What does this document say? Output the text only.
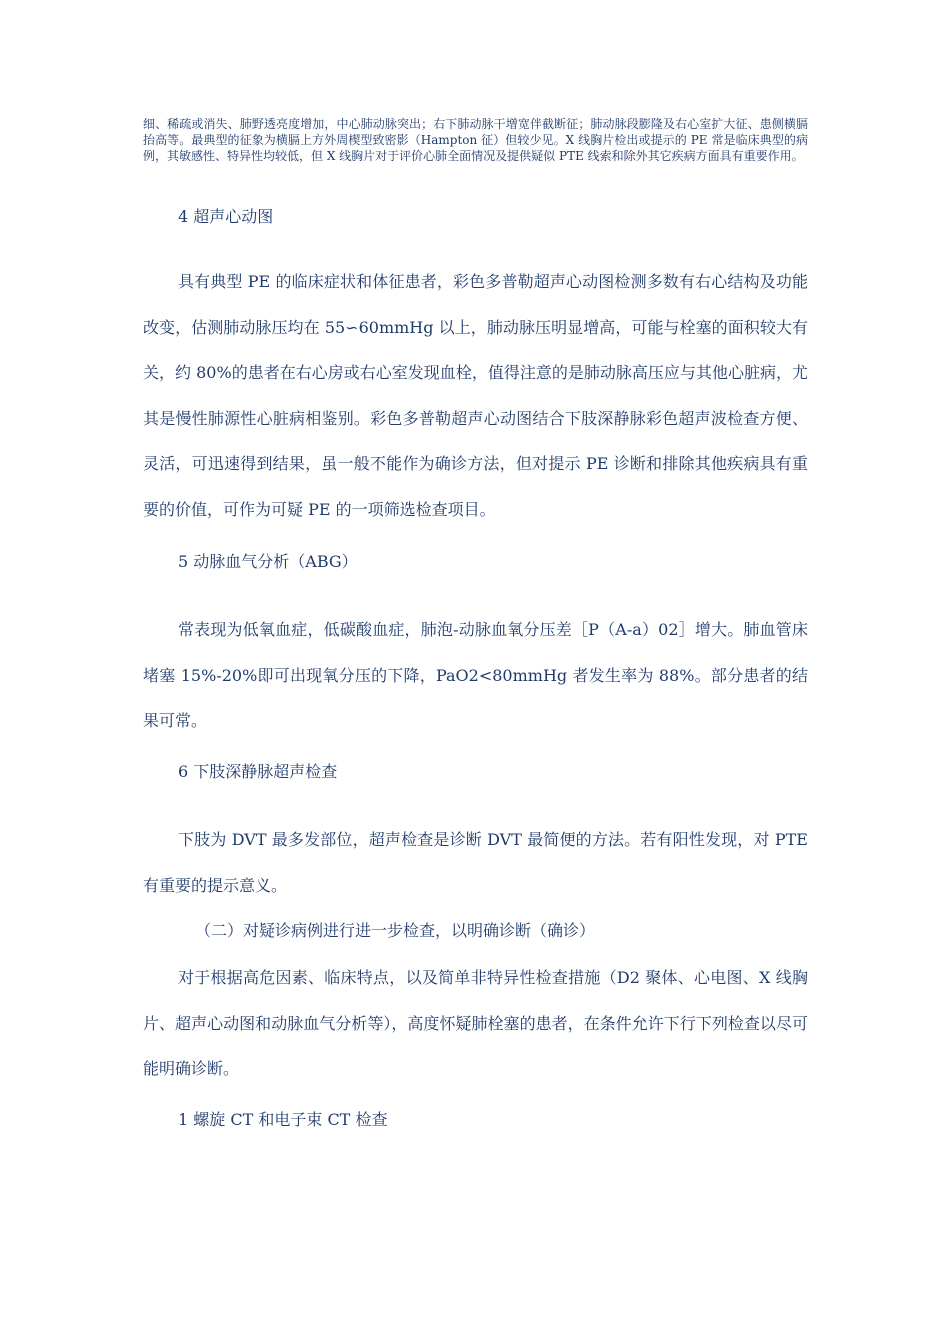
细、稀疏或消失、肺野透亮度增加，中心肺动脉突出；右下肺动脉干增宽伴截断征；肺动脉段膨隆及右心室扩大征、患侧横膈抬高等。最典型的征象为横膈上方外周楔型致密影（Hampton 征）但较少见。X 线胸片检出或提示的 PE 常是临床典型的病例，其敏感性、特异性均较低，但 X 线胸片对于评价心肺全面情况及提供疑似 PTE 线索和除外其它疾病方面具有重要作用。

4 超声心动图

具有典型 PE 的临床症状和体征患者，彩色多普勒超声心动图检测多数有右心结构及功能改变，估测肺动脉压均在 55∽60mmHg 以上，肺动脉压明显增高，可能与栓塞的面积较大有关，约 80%的患者在右心房或右心室发现血栓，值得注意的是肺动脉高压应与其他心脏病，尤其是慢性肺源性心脏病相鉴别。彩色多普勒超声心动图结合下肢深静脉彩色超声波检查方便、灵活，可迅速得到结果，虽一般不能作为确诊方法，但对提示 PE 诊断和排除其他疾病具有重要的价值，可作为可疑 PE 的一项筛选检查项目。

5 动脉血气分析（ABG）

常表现为低氧血症，低碳酸血症，肺泡-动脉血氧分压差［P（A-a）02］增大。肺血管床堵塞 15%-20%即可出现氧分压的下降，PaO2<80mmHg 者发生率为 88%。部分患者的结果可常。

6 下肢深静脉超声检查

下肢为 DVT 最多发部位，超声检查是诊断 DVT 最简便的方法。若有阳性发现，对 PTE 有重要的提示意义。

（二）对疑诊病例进行进一步检查，以明确诊断（确诊）

对于根据高危因素、临床特点，以及简单非特异性检查措施（D2 聚体、心电图、X 线胸片、超声心动图和动脉血气分析等），高度怀疑肺栓塞的患者，在条件允许下行下列检查以尽可能明确诊断。

1 螺旋 CT 和电子束 CT 检查
